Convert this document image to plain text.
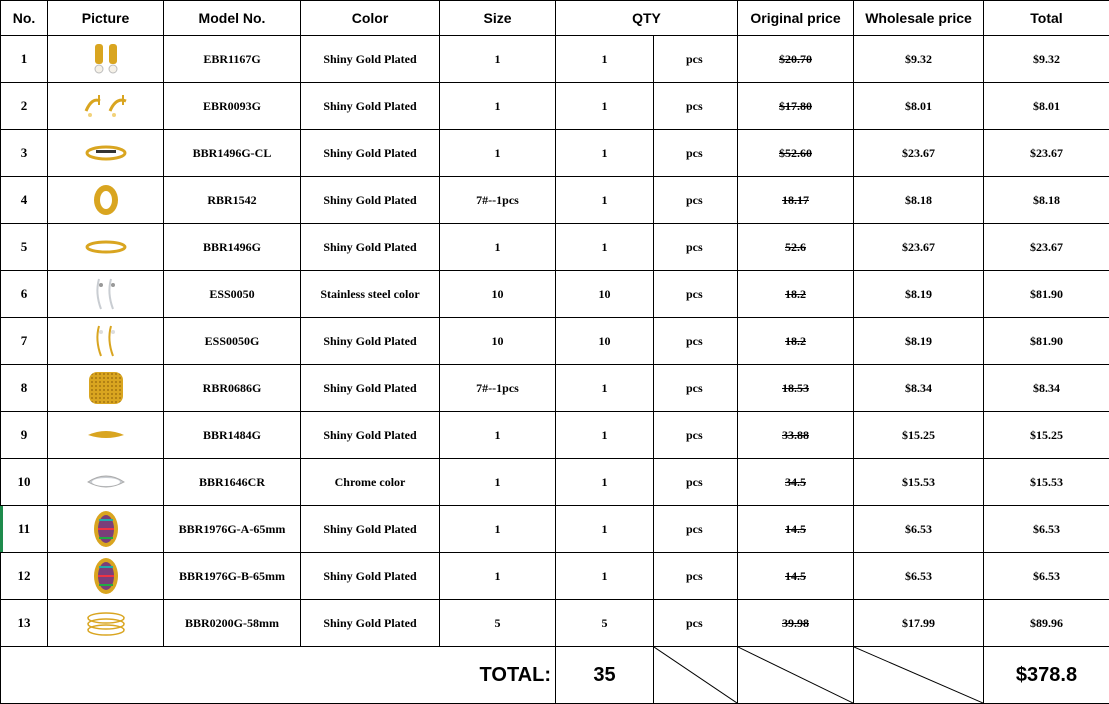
No.	Picture	Model No.	Color	Size	QTY		Original price	Wholesale price	Total
1		EBR1167G	Shiny Gold Plated	1	1	pcs	$20.70	$9.32	$9.32
2		EBR0093G	Shiny Gold Plated	1	1	pcs	$17.80	$8.01	$8.01
3		BBR1496G-CL	Shiny Gold Plated	1	1	pcs	$52.60	$23.67	$23.67
4		RBR1542	Shiny Gold Plated	7#--1pcs	1	pcs	18.17	$8.18	$8.18
5		BBR1496G	Shiny Gold Plated	1	1	pcs	52.6	$23.67	$23.67
6		ESS0050	Stainless steel color	10	10	pcs	18.2	$8.19	$81.90
7		ESS0050G	Shiny Gold Plated	10	10	pcs	18.2	$8.19	$81.90
8		RBR0686G	Shiny Gold Plated	7#--1pcs	1	pcs	18.53	$8.34	$8.34
9		BBR1484G	Shiny Gold Plated	1	1	pcs	33.88	$15.25	$15.25
10		BBR1646CR	Chrome color	1	1	pcs	34.5	$15.53	$15.53
11		BBR1976G-A-65mm	Shiny Gold Plated	1	1	pcs	14.5	$6.53	$6.53
12		BBR1976G-B-65mm	Shiny Gold Plated	1	1	pcs	14.5	$6.53	$6.53
13		BBR0200G-58mm	Shiny Gold Plated	5	5	pcs	39.98	$17.99	$89.96
TOTAL:					35				$378.8
